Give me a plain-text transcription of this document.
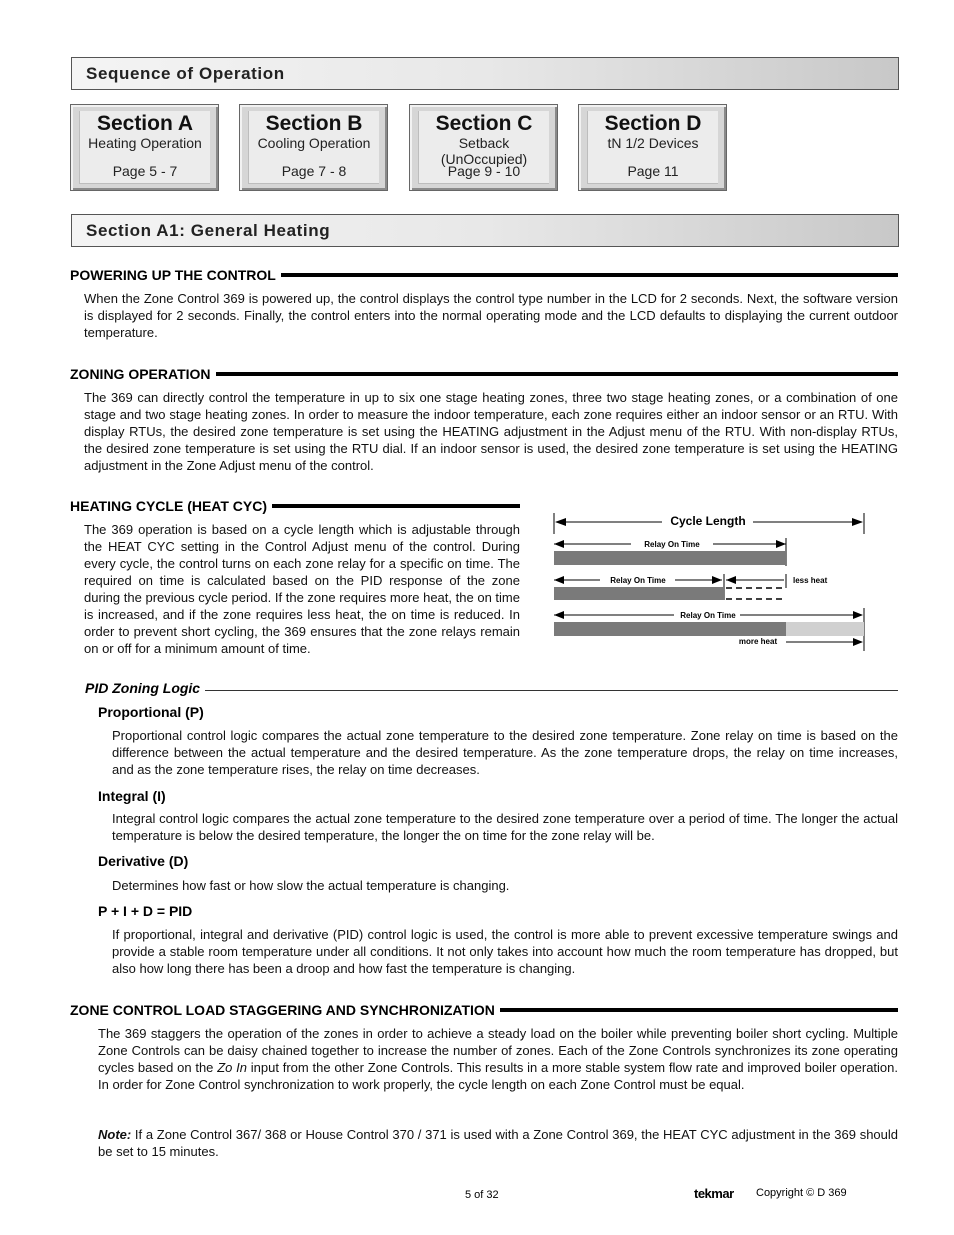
Sequence of Operation
Section A
Heating Operation
Page 5 - 7
Section B
Cooling Operation
Page 7 - 8
Section C
Setback
(UnOccupied)
Page 9 - 10
Section D
tN 1/2 Devices
Page 11
Section A1: General Heating
POWERING UP THE CONTROL

When the Zone Control 369 is powered up, the control displays the control type number in the LCD for 2 seconds. Next, the software version is displayed for 2 seconds. Finally, the control enters into the normal operating mode and the LCD defaults to displaying the current outdoor temperature.

ZONING OPERATION

The 369 can directly control the temperature in up to six one stage heating zones, three two stage heating zones, or a combination of one stage and two stage heating zones. In order to measure the indoor temperature, each zone requires either an indoor sensor or an RTU. With display RTUs, the desired zone temperature is set using the HEATING adjustment in the Adjust menu of the RTU. With non-display RTUs, the desired zone temperature is set using the RTU dial. If an indoor sensor is used, the desired zone temperature is set using the HEATING adjustment in the Zone Adjust menu of the control.

HEATING CYCLE (HEAT CYC)

The 369 operation is based on a cycle length which is adjustable through the HEAT CYC setting in the Control Adjust menu of the control. During every cycle, the control turns on each zone relay for a specific on time. The required on time is calculated based on the PID response of the zone during the previous cycle period. If the zone requires more heat, the on time is increased, and if the zone requires less heat, the on time is reduced. In order to prevent short cycling, the 369 ensures that the zone relays remain on or off for a minimum amount of time.

Cycle Length
Relay On Time
Relay On Time	less heat
Relay On Time
more heat
PID Zoning Logic
Proportional (P)

Proportional control logic compares the actual zone temperature to the desired zone temperature. Zone relay on time is based on the difference between the actual temperature and the desired temperature. As the zone temperature drops, the relay on time increases, and as the zone temperature rises, the relay on time decreases.

Integral (I)

Integral control logic compares the actual zone temperature to the desired zone temperature over a period of time. The longer the actual temperature is below the desired temperature, the longer the on time for the zone relay will be.

Derivative (D)

Determines how fast or how slow the actual temperature is changing.

P + I + D = PID

If proportional, integral and derivative (PID) control logic is used, the control is more able to prevent excessive temperature swings and provide a stable room temperature under all conditions. It not only takes into account how much the room temperature has dropped, but also how long there has been a droop and how fast the temperature is changing.

ZONE CONTROL LOAD STAGGERING AND SYNCHRONIZATION

The 369 staggers the operation of the zones in order to achieve a steady load on the boiler while preventing boiler short cycling. Multiple Zone Controls can be daisy chained together to increase the number of zones. Each of the Zone Controls synchronizes its zone operating cycles based on the Zo In input from the other Zone Controls. This results in a more stable system flow rate and improved boiler operation. In order for Zone Control synchronization to work properly, the cycle length on each Zone Control must be equal.

Note: If a Zone Control 367/ 368 or House Control 370 / 371 is used with a Zone Control 369, the HEAT CYC adjustment in the 369 should be set to 15 minutes.

5 of 32	tekmar Copyright © D 369
